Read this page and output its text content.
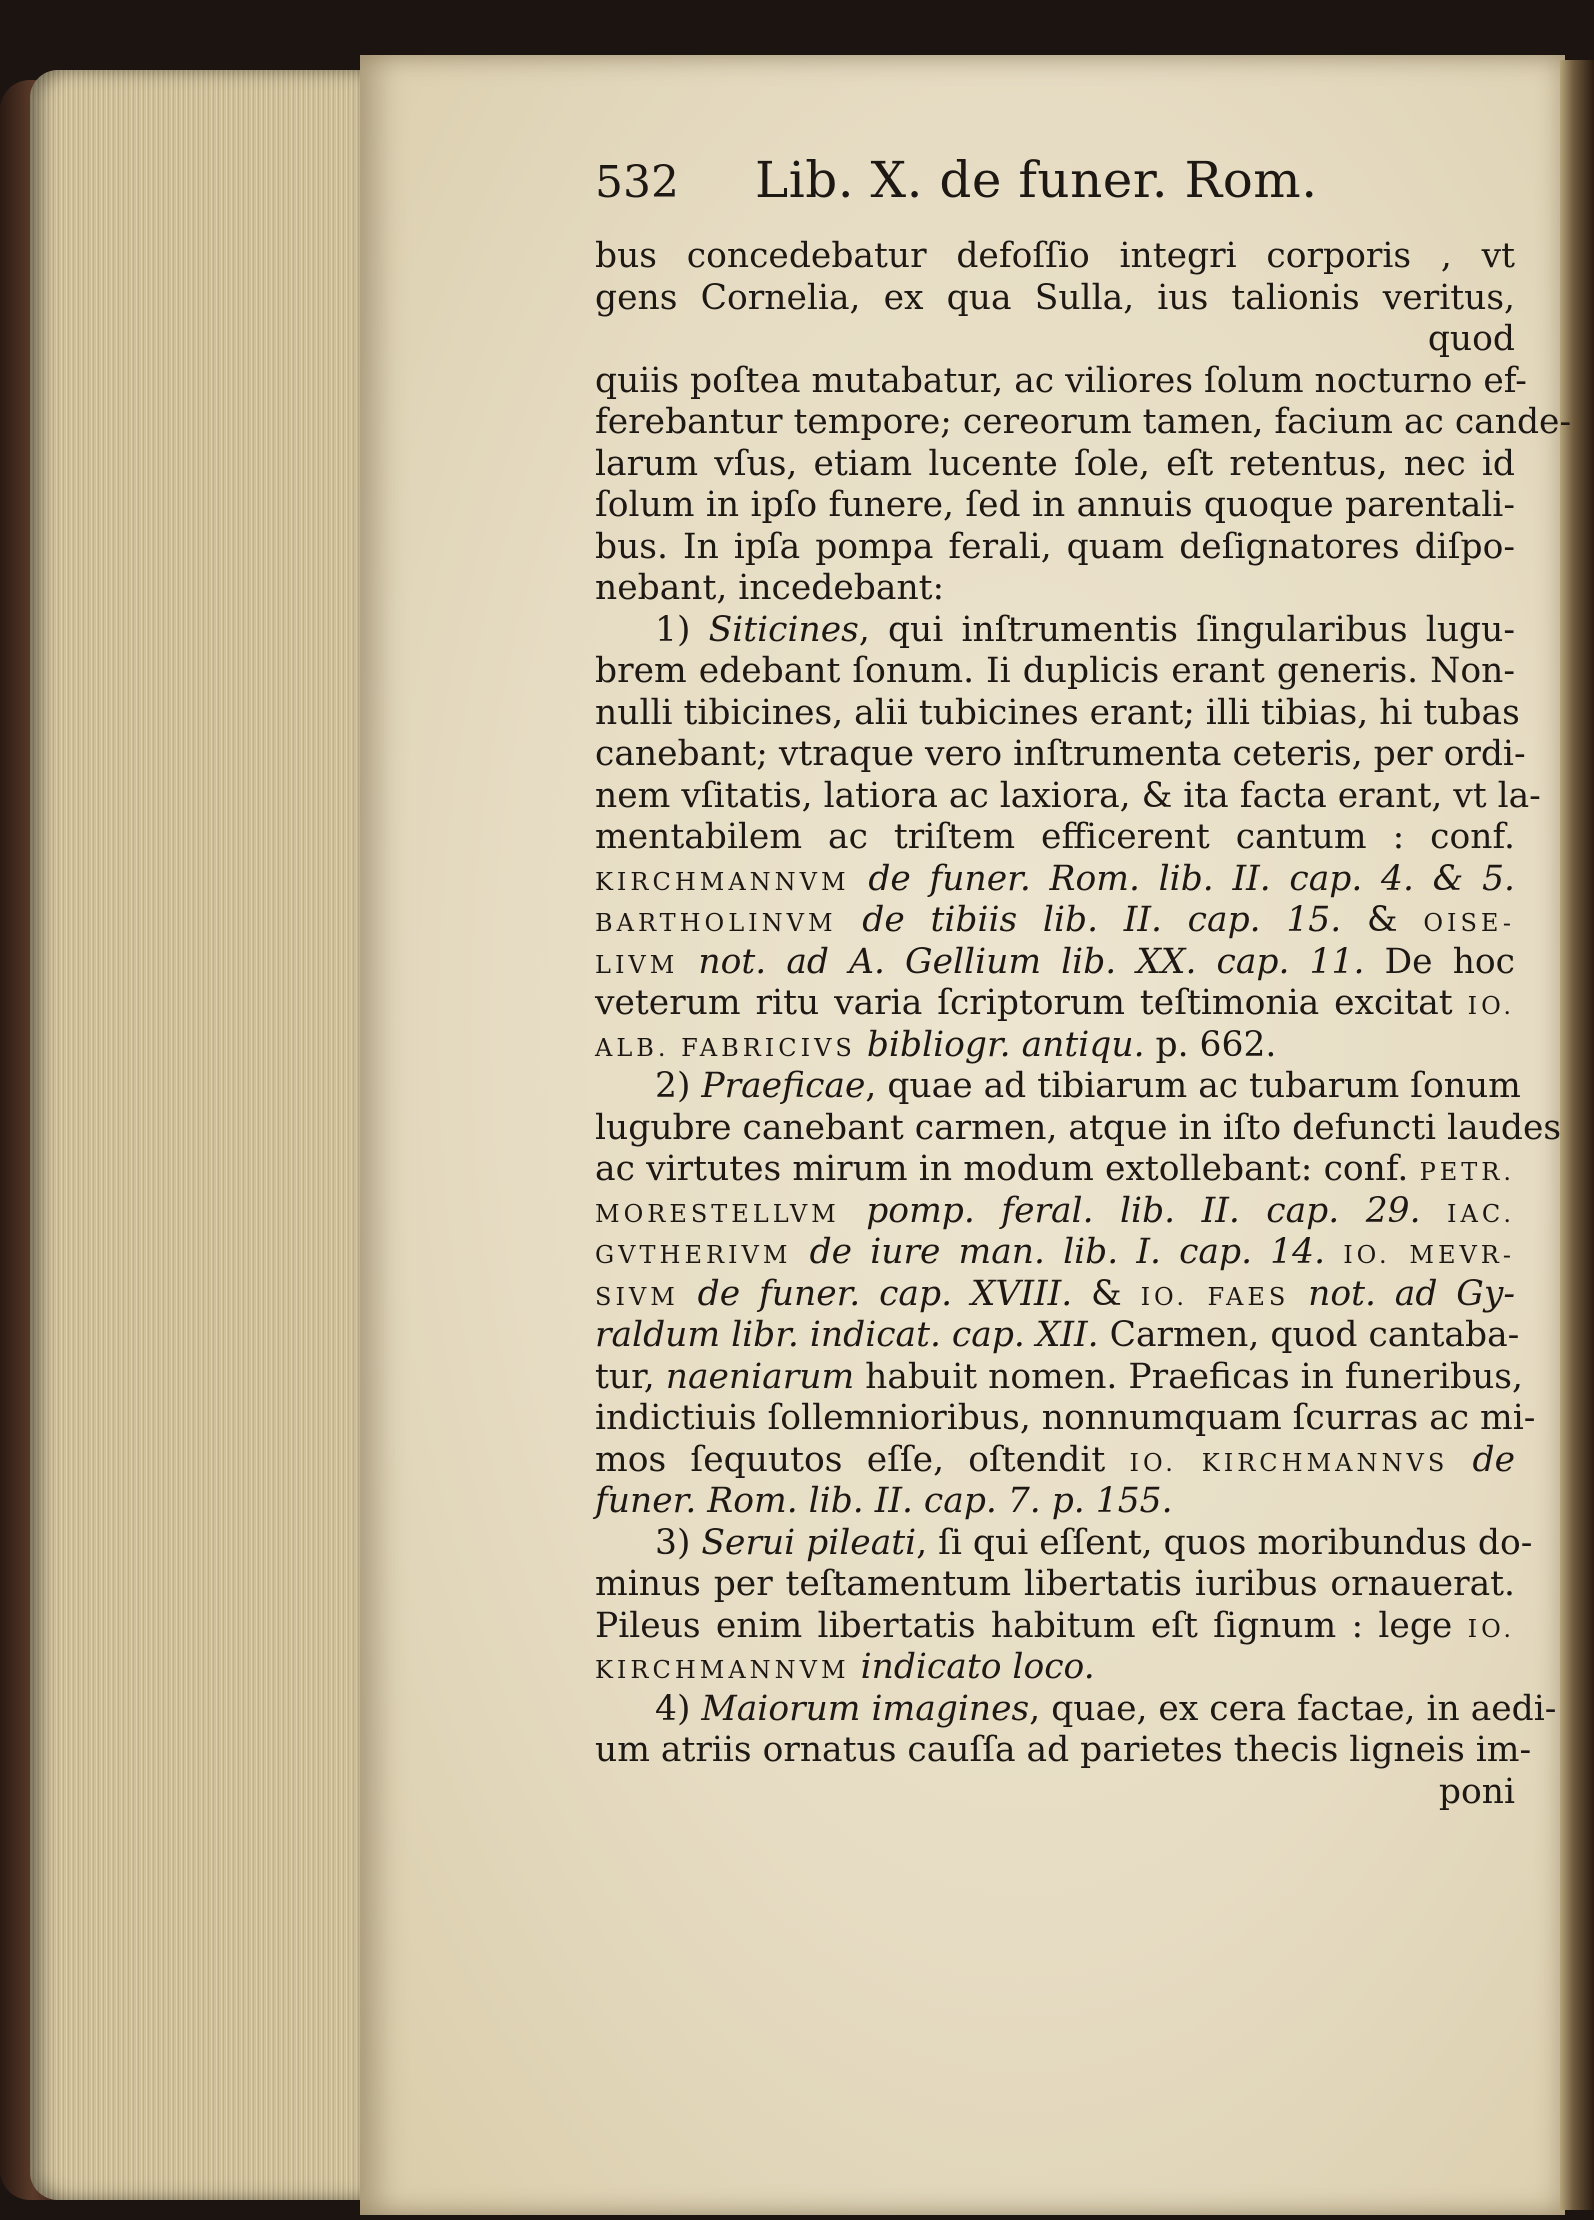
532	Lib. X. de funer. Rom.
bus concedebatur defoſſio integri corporis , vt
gens Cornelia, ex qua Sulla, ius talionis veritus,
quod
quiis poſtea mutabatur, ac viliores ſolum nocturno ef-
ferebantur tempore; cereorum tamen, facium ac cande-
larum vſus, etiam lucente ſole, eſt retentus, nec id
ſolum in ipſo funere, ſed in annuis quoque parentali-
bus. In ipſa pompa ferali, quam deſignatores diſpo-
nebant, incedebant:
1) Siticines, qui inſtrumentis ſingularibus lugu-
brem edebant ſonum. Ii duplicis erant generis. Non-
nulli tibicines, alii tubicines erant; illi tibias, hi tubas
canebant; vtraque vero inſtrumenta ceteris, per ordi-
nem vſitatis, latiora ac laxiora, & ita facta erant, vt la-
mentabilem ac triſtem efficerent cantum : conf.
KIRCHMANNVM de funer. Rom. lib. II. cap. 4. & 5.
BARTHOLINVM de tibiis lib. II. cap. 15. & OISE-
LIVM not. ad A. Gellium lib. XX. cap. 11. De hoc
veterum ritu varia ſcriptorum teſtimonia excitat IO.
ALB. FABRICIVS bibliogr. antiqu. p. 662.
2) Praeficae, quae ad tibiarum ac tubarum ſonum
lugubre canebant carmen, atque in iſto defuncti laudes
ac virtutes mirum in modum extollebant: conf. PETR.
MORESTELLVM pomp. feral. lib. II. cap. 29. IAC.
GVTHERIVM de iure man. lib. I. cap. 14. IO. MEVR-
SIVM de funer. cap. XVIII. & IO. FAES not. ad Gy-
raldum libr. indicat. cap. XII. Carmen, quod cantaba-
tur, naeniarum habuit nomen. Praeficas in funeribus,
indictiuis ſollemnioribus, nonnumquam ſcurras ac mi-
mos ſequutos eſſe, oſtendit IO. KIRCHMANNVS de
funer. Rom. lib. II. cap. 7. p. 155.
3) Serui pileati, ſi qui eſſent, quos moribundus do-
minus per teſtamentum libertatis iuribus ornauerat.
Pileus enim libertatis habitum eſt ſignum : lege IO.
KIRCHMANNVM indicato loco.
4) Maiorum imagines, quae, ex cera factae, in aedi-
um atriis ornatus cauſſa ad parietes thecis ligneis im-
poni
